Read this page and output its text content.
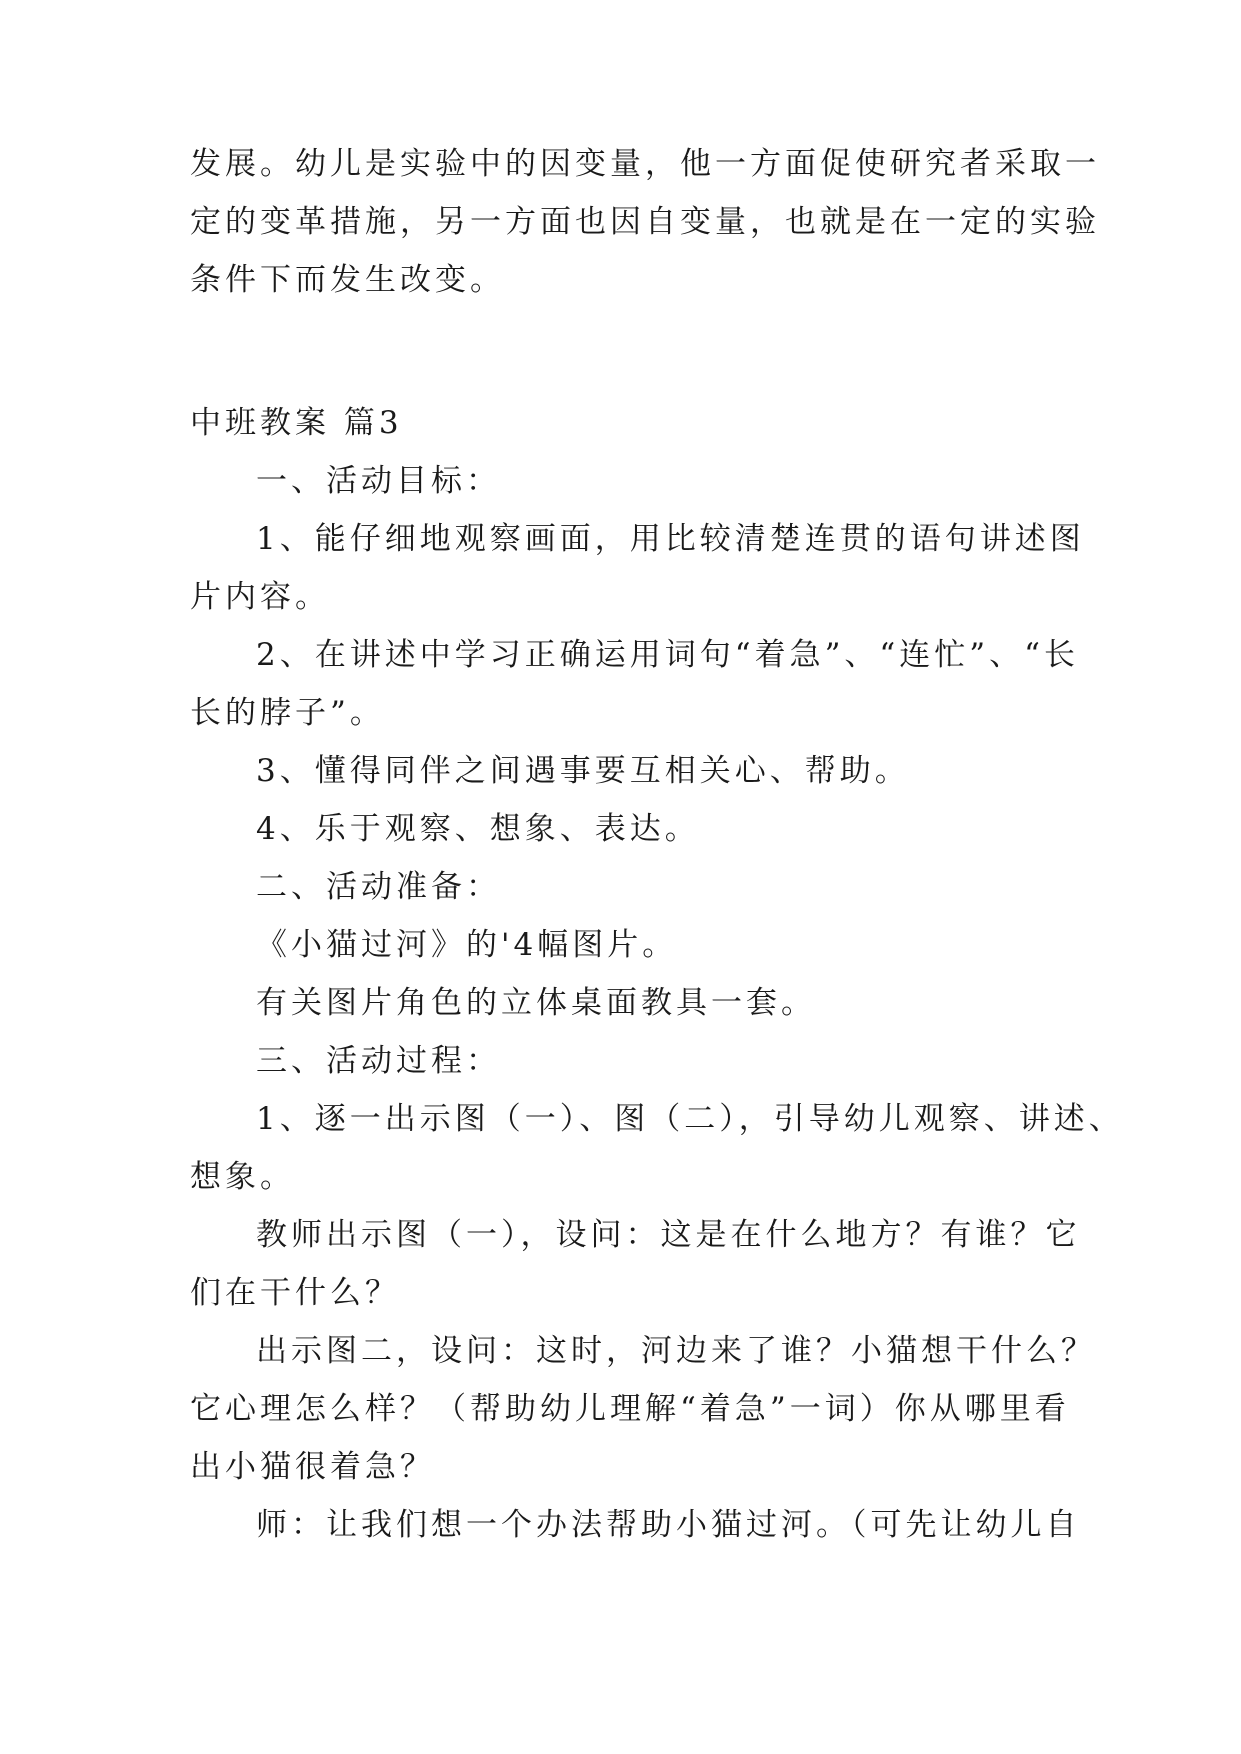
发展。幼儿是实验中的因变量，他一方面促使研究者采取一
定的变革措施，另一方面也因自变量，也就是在一定的实验
条件下而发生改变。
中班教案 篇3
一、活动目标：
1、能仔细地观察画面，用比较清楚连贯的语句讲述图
片内容。
2、在讲述中学习正确运用词句“着急”、“连忙”、“长
长的脖子”。
3、懂得同伴之间遇事要互相关心、帮助。
4、乐于观察、想象、表达。
二、活动准备：
《小猫过河》的'4幅图片。
有关图片角色的立体桌面教具一套。
三、活动过程：
1、逐一出示图（一）、图（二），引导幼儿观察、讲述、
想象。
教师出示图（一），设问：这是在什么地方？有谁？它
们在干什么？
出示图二，设问：这时，河边来了谁？小猫想干什么？
它心理怎么样？（帮助幼儿理解“着急”一词）你从哪里看
出小猫很着急？
师：让我们想一个办法帮助小猫过河。（可先让幼儿自
